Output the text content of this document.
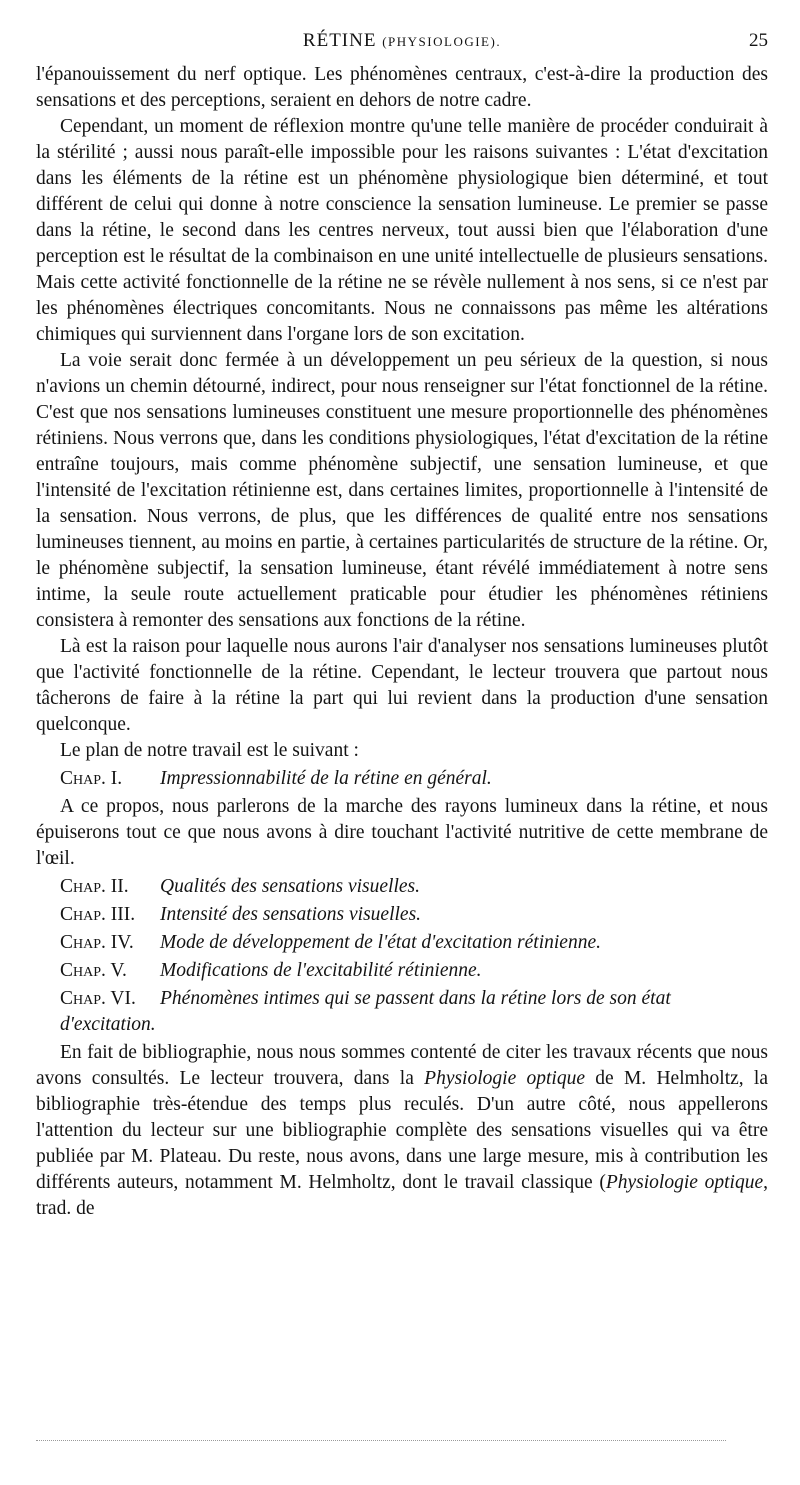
RÉTINE (PHYSIOLOGIE).	25

l'épanouissement du nerf optique. Les phénomènes centraux, c'est-à-dire la production des sensations et des perceptions, seraient en dehors de notre cadre.

Cependant, un moment de réflexion montre qu'une telle manière de procéder conduirait à la stérilité ; aussi nous paraît-elle impossible pour les raisons suivantes : L'état d'excitation dans les éléments de la rétine est un phénomène physiologique bien déterminé, et tout différent de celui qui donne à notre conscience la sensation lumineuse. Le premier se passe dans la rétine, le second dans les centres nerveux, tout aussi bien que l'élaboration d'une perception est le résultat de la combinaison en une unité intellectuelle de plusieurs sensations. Mais cette activité fonctionnelle de la rétine ne se révèle nullement à nos sens, si ce n'est par les phénomènes électriques concomitants. Nous ne connaissons pas même les altérations chimiques qui surviennent dans l'organe lors de son excitation.

La voie serait donc fermée à un développement un peu sérieux de la question, si nous n'avions un chemin détourné, indirect, pour nous renseigner sur l'état fonctionnel de la rétine. C'est que nos sensations lumineuses constituent une mesure proportionnelle des phénomènes rétiniens. Nous verrons que, dans les conditions physiologiques, l'état d'excitation de la rétine entraîne toujours, mais comme phénomène subjectif, une sensation lumineuse, et que l'intensité de l'excitation rétinienne est, dans certaines limites, proportionnelle à l'intensité de la sensation. Nous verrons, de plus, que les différences de qualité entre nos sensations lumineuses tiennent, au moins en partie, à certaines particularités de structure de la rétine. Or, le phénomène subjectif, la sensation lumineuse, étant révélé immédiatement à notre sens intime, la seule route actuellement praticable pour étudier les phénomènes rétiniens consistera à remonter des sensations aux fonctions de la rétine.

Là est la raison pour laquelle nous aurons l'air d'analyser nos sensations lumineuses plutôt que l'activité fonctionnelle de la rétine. Cependant, le lecteur trouvera que partout nous tâcherons de faire à la rétine la part qui lui revient dans la production d'une sensation quelconque.

Le plan de notre travail est le suivant :

Chap. I. Impressionnabilité de la rétine en général.

A ce propos, nous parlerons de la marche des rayons lumineux dans la rétine, et nous épuiserons tout ce que nous avons à dire touchant l'activité nutritive de cette membrane de l'œil.

Chap. II. Qualités des sensations visuelles.

Chap. III. Intensité des sensations visuelles.

Chap. IV. Mode de développement de l'état d'excitation rétinienne.

Chap. V. Modifications de l'excitabilité rétinienne.

Chap. VI. Phénomènes intimes qui se passent dans la rétine lors de son état d'excitation.

En fait de bibliographie, nous nous sommes contenté de citer les travaux récents que nous avons consultés. Le lecteur trouvera, dans la Physiologie optique de M. Helmholtz, la bibliographie très-étendue des temps plus reculés. D'un autre côté, nous appellerons l'attention du lecteur sur une bibliographie complète des sensations visuelles qui va être publiée par M. Plateau. Du reste, nous avons, dans une large mesure, mis à contribution les différents auteurs, notamment M. Helmholtz, dont le travail classique (Physiologie optique, trad. de
